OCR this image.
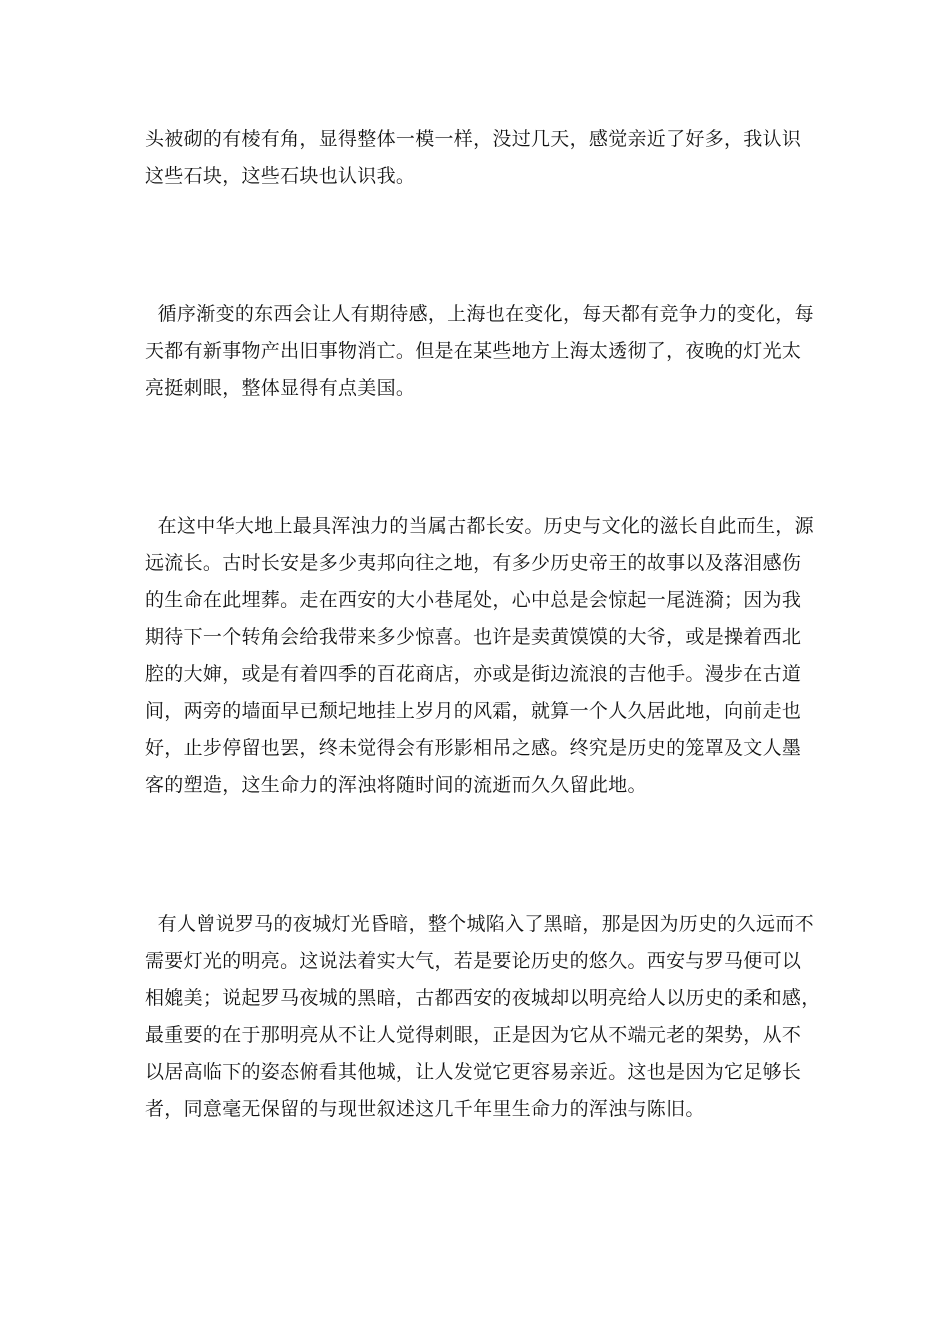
头被砌的有棱有角，显得整体一模一样，没过几天，感觉亲近了好多，我认识
这些石块，这些石块也认识我。
循序渐变的东西会让人有期待感，上海也在变化，每天都有竞争力的变化，每
天都有新事物产出旧事物消亡。但是在某些地方上海太透彻了，夜晚的灯光太
亮挺刺眼，整体显得有点美国。
在这中华大地上最具浑浊力的当属古都长安。历史与文化的滋长自此而生，源
远流长。古时长安是多少夷邦向往之地，有多少历史帝王的故事以及落泪感伤
的生命在此埋葬。走在西安的大小巷尾处，心中总是会惊起一尾涟漪；因为我
期待下一个转角会给我带来多少惊喜。也许是卖黄馍馍的大爷，或是操着西北
腔的大婶，或是有着四季的百花商店，亦或是街边流浪的吉他手。漫步在古道
间，两旁的墙面早已颓圮地挂上岁月的风霜，就算一个人久居此地，向前走也
好，止步停留也罢，终未觉得会有形影相吊之感。终究是历史的笼罩及文人墨
客的塑造，这生命力的浑浊将随时间的流逝而久久留此地。
有人曾说罗马的夜城灯光昏暗，整个城陷入了黑暗，那是因为历史的久远而不
需要灯光的明亮。这说法着实大气，若是要论历史的悠久。西安与罗马便可以
相媲美；说起罗马夜城的黑暗，古都西安的夜城却以明亮给人以历史的柔和感，
最重要的在于那明亮从不让人觉得刺眼，正是因为它从不端元老的架势，从不
以居高临下的姿态俯看其他城，让人发觉它更容易亲近。这也是因为它足够长
者，同意毫无保留的与现世叙述这几千年里生命力的浑浊与陈旧。
